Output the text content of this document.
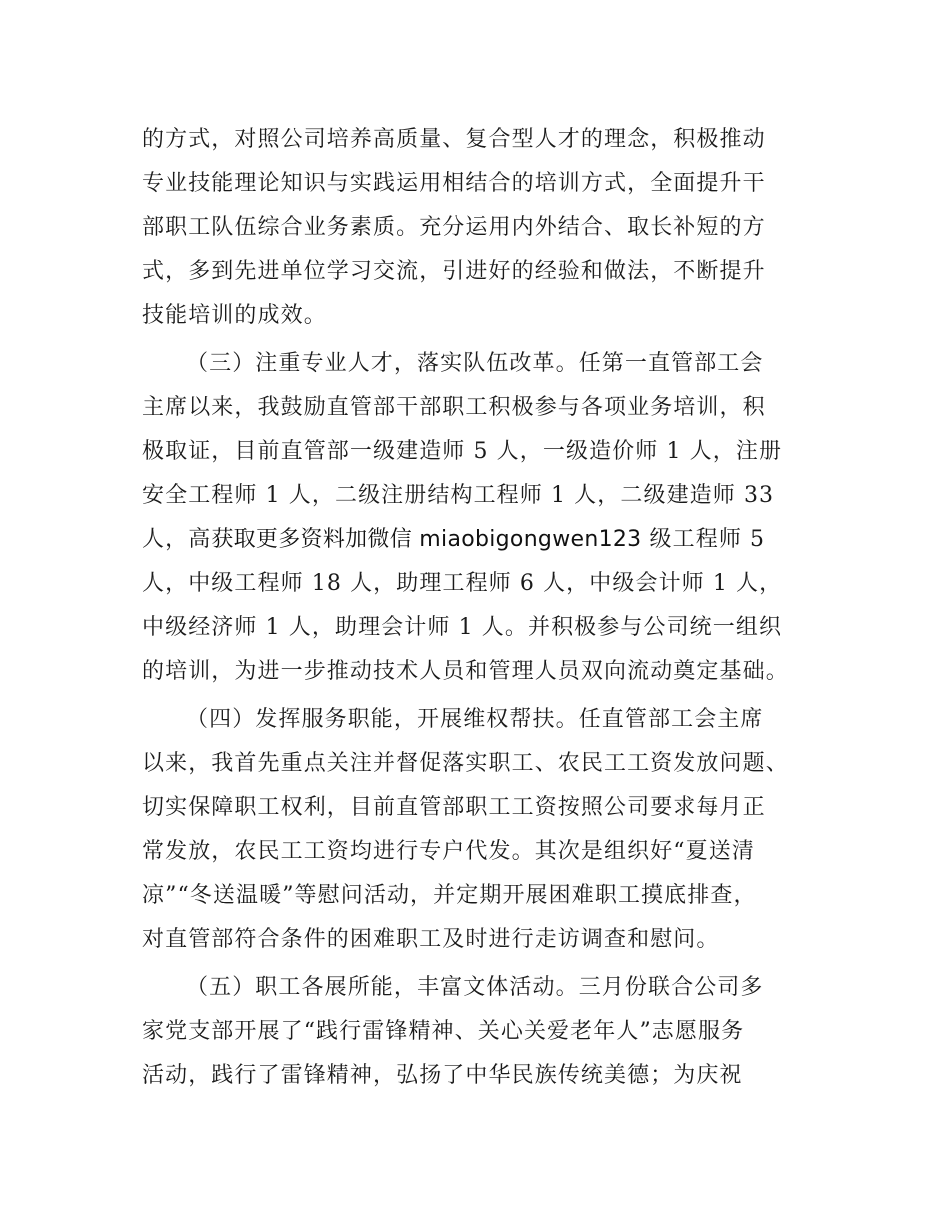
的方式，对照公司培养高质量、复合型人才的理念，积极推动
专业技能理论知识与实践运用相结合的培训方式，全面提升干
部职工队伍综合业务素质。充分运用内外结合、取长补短的方
式，多到先进单位学习交流，引进好的经验和做法，不断提升
技能培训的成效。
（三）注重专业人才，落实队伍改革。任第一直管部工会
主席以来，我鼓励直管部干部职工积极参与各项业务培训，积
极取证，目前直管部一级建造师 5 人，一级造价师 1 人，注册
安全工程师 1 人，二级注册结构工程师 1 人，二级建造师 33
人，高获取更多资料加微信 miaobigongwen123 级工程师 5
人，中级工程师 18 人，助理工程师 6 人，中级会计师 1 人，
中级经济师 1 人，助理会计师 1 人。并积极参与公司统一组织
的培训，为进一步推动技术人员和管理人员双向流动奠定基础。
（四）发挥服务职能，开展维权帮扶。任直管部工会主席
以来，我首先重点关注并督促落实职工、农民工工资发放问题、
切实保障职工权利，目前直管部职工工资按照公司要求每月正
常发放，农民工工资均进行专户代发。其次是组织好“夏送清
凉”“冬送温暖”等慰问活动，并定期开展困难职工摸底排查，
对直管部符合条件的困难职工及时进行走访调查和慰问。
（五）职工各展所能，丰富文体活动。三月份联合公司多
家党支部开展了“践行雷锋精神、关心关爱老年人”志愿服务
活动，践行了雷锋精神，弘扬了中华民族传统美德；为庆祝
